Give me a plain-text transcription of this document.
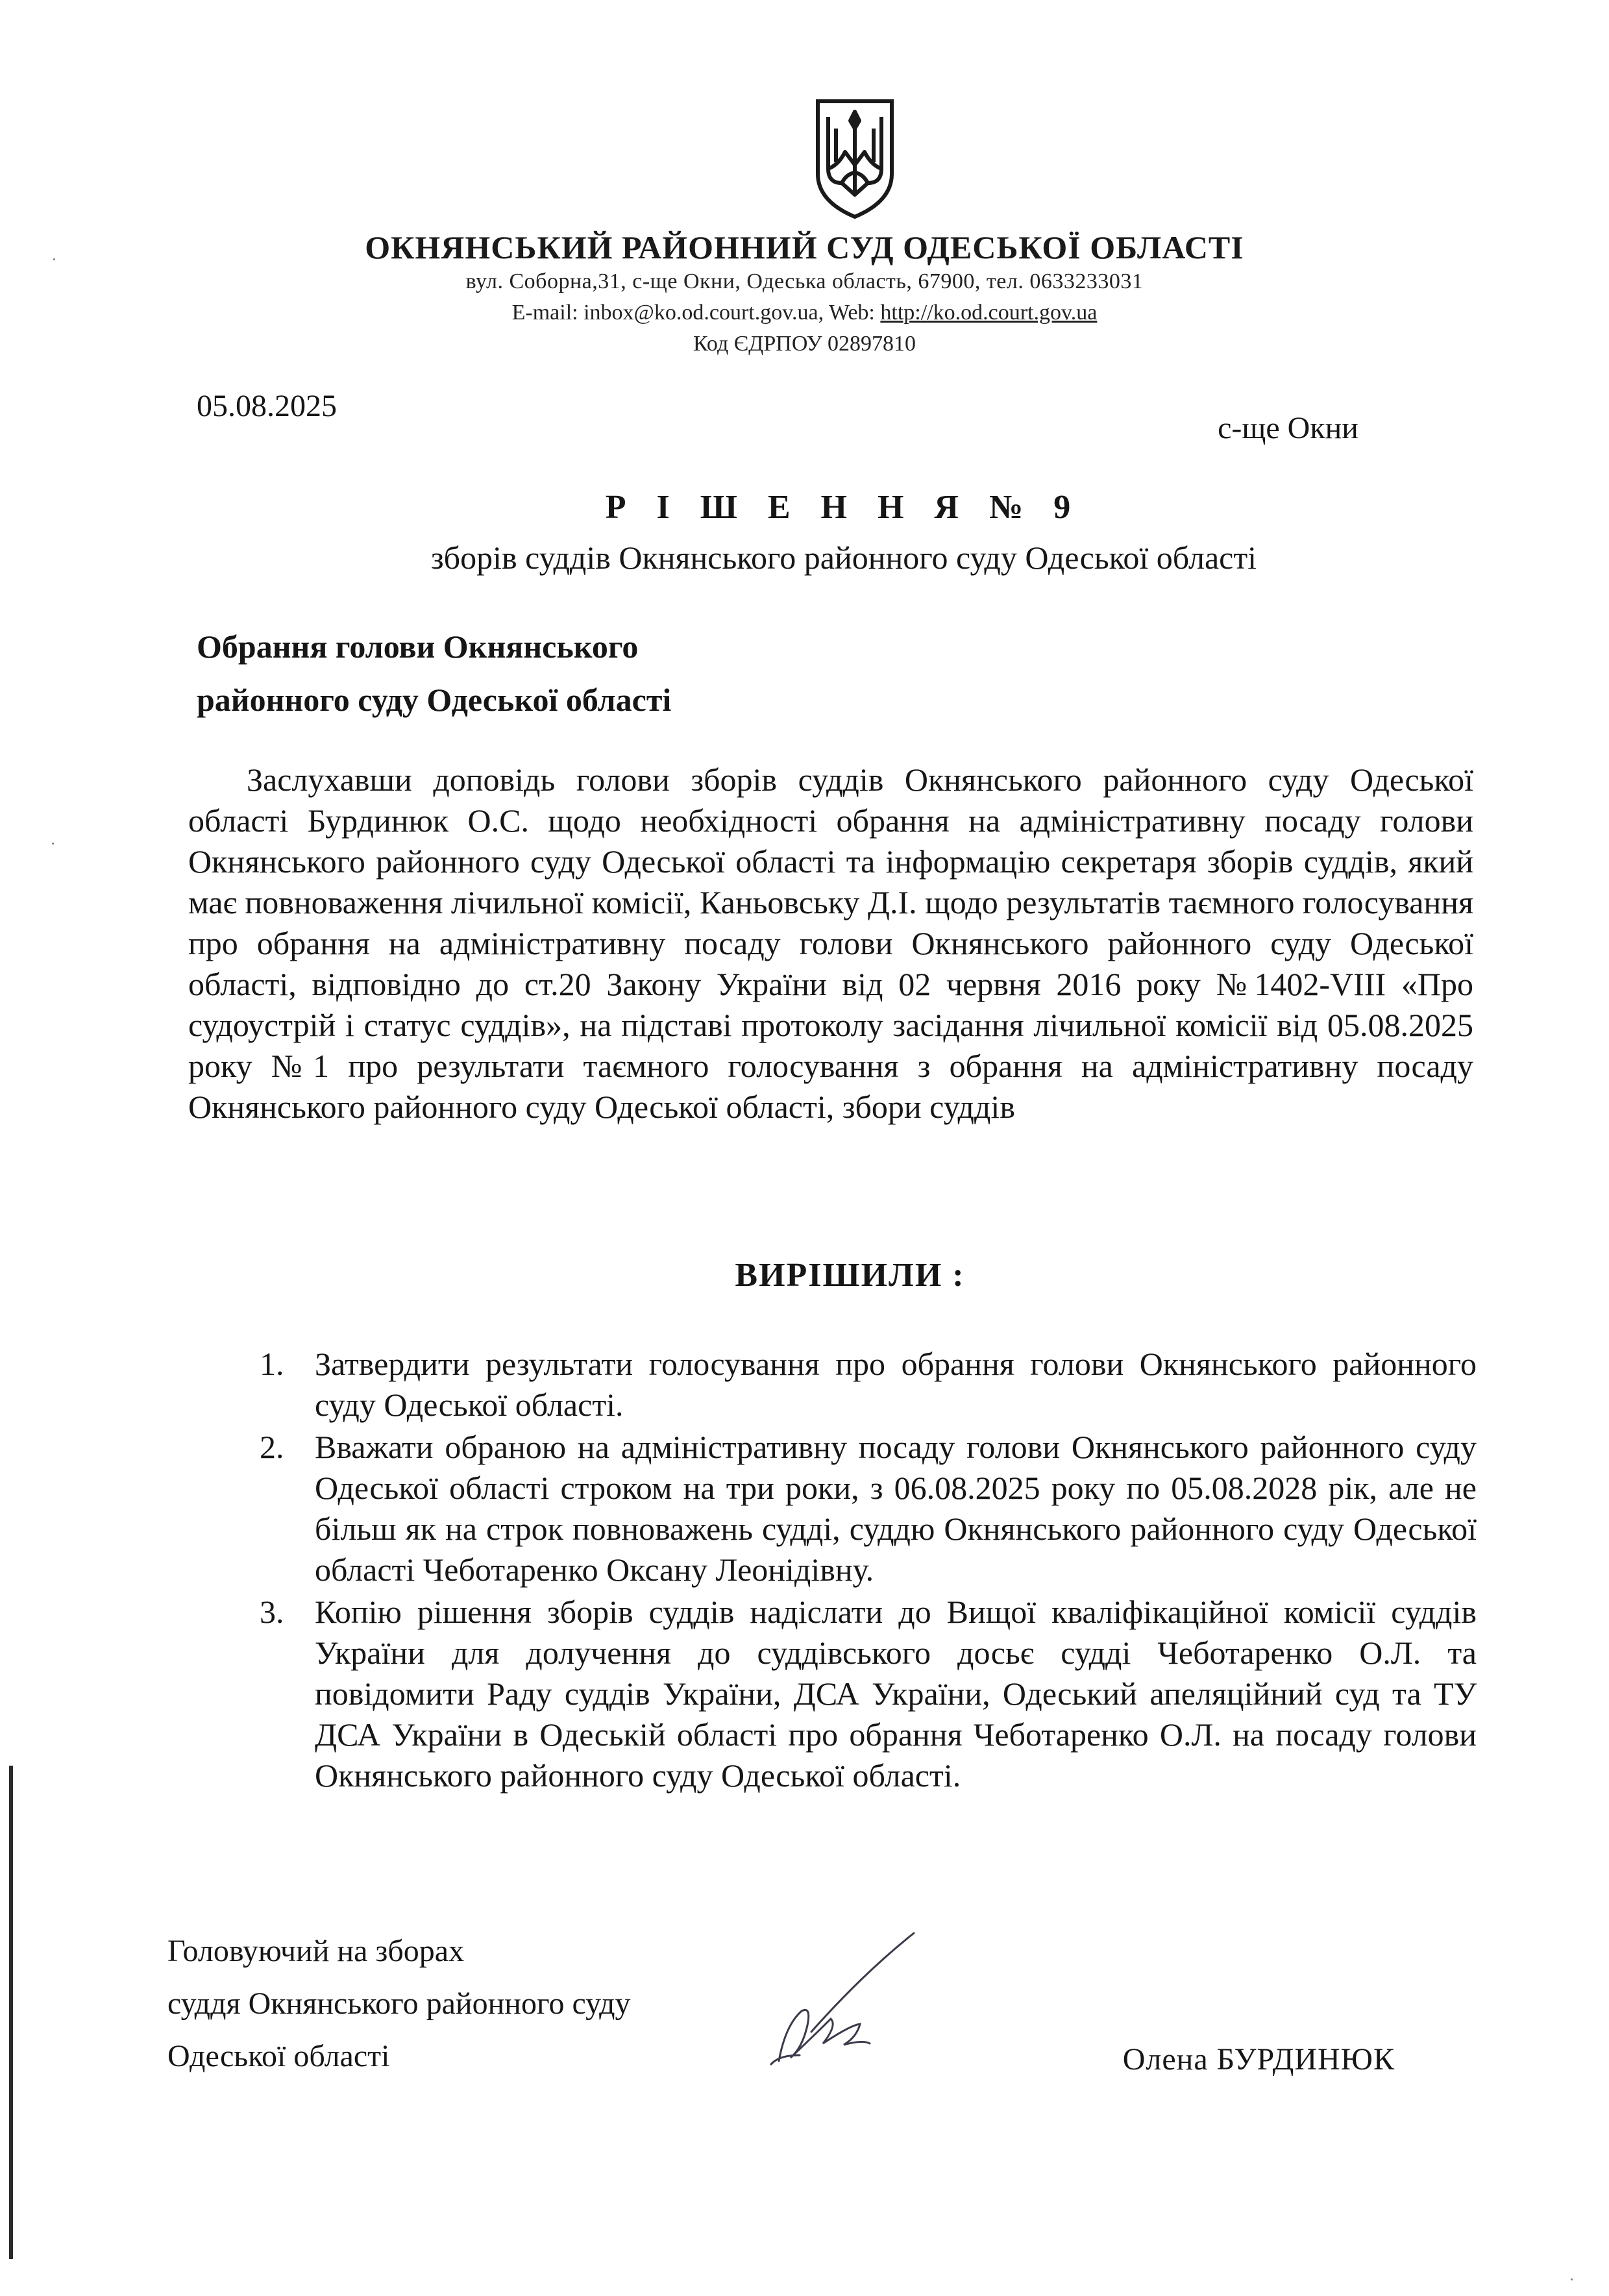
ОКНЯНСЬКИЙ РАЙОННИЙ СУД ОДЕСЬКОЇ ОБЛАСТІ
вул. Соборна,31, с-ще Окни, Одеська область, 67900, тел. 0633233031
E-mail: inbox@ko.od.court.gov.ua, Web: http://ko.od.court.gov.ua
Код ЄДРПОУ 02897810
05.08.2025
с-ще Окни
Р І Ш Е Н Н Я № 9
зборів суддів Окнянського районного суду Одеської області
Обрання голови Окнянського
районного суду Одеської області
Заслухавши доповідь голови зборів суддів Окнянського районного суду Одеської області Бурдинюк О.С. щодо необхідності обрання на адміністративну посаду голови Окнянського районного суду Одеської області та інформацію секретаря зборів суддів, який має повноваження лічильної комісії, Каньовську Д.І. щодо результатів таємного голосування про обрання на адміністративну посаду голови Окнянського районного суду Одеської області, відповідно до ст.20 Закону України від 02 червня 2016 року №1402-VIII «Про судоустрій і статус суддів», на підставі протоколу засідання лічильної комісії від 05.08.2025 року №1 про результати таємного голосування з обрання на адміністративну посаду Окнянського районного суду Одеської області, збори суддів
ВИРІШИЛИ :
1. Затвердити результати голосування про обрання голови Окнянського районного суду Одеської області.
2. Вважати обраною на адміністративну посаду голови Окнянського районного суду Одеської області строком на три роки, з 06.08.2025 року по 05.08.2028 рік, але не більш як на строк повноважень судді, суддю Окнянського районного суду Одеської області Чеботаренко Оксану Леонідівну.
3. Копію рішення зборів суддів надіслати до Вищої кваліфікаційної комісії суддів України для долучення до суддівського досьє судді Чеботаренко О.Л. та повідомити Раду суддів України, ДСА України, Одеський апеляційний суд та ТУ ДСА України в Одеській області про обрання Чеботаренко О.Л. на посаду голови Окнянського районного суду Одеської області.
Головуючий на зборах
суддя Окнянського районного суду
Одеської області	Олена БУРДИНЮК
